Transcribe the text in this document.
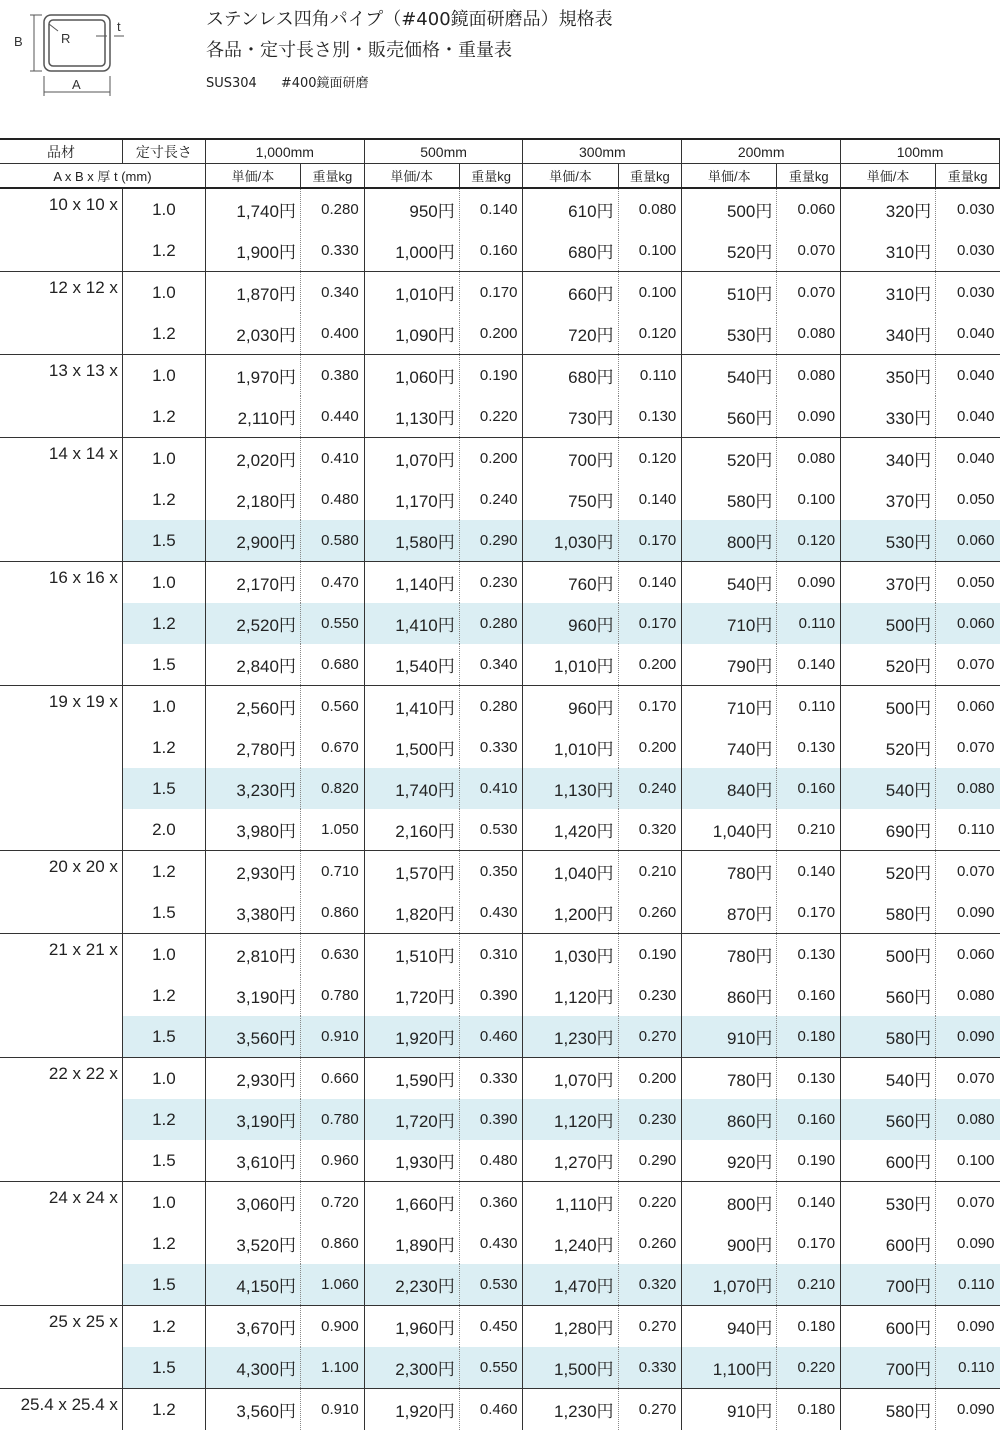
B	R
t
A
ステンレス四角パイプ（#400鏡面研磨品）規格表
各品・定寸長さ別・販売価格・重量表
SUS304 #400鏡面研磨
品材	定寸長さ	1,000mm		500mm		300mm		200mm		100mm	
A x B x 厚 t (mm)		単価/本	重量kg	単価/本	重量kg	単価/本	重量kg	単価/本	重量kg	単価/本	重量kg
10 x 10 x	1.0	1,740円	0.280	950円	0.140	610円	0.080	500円	0.060	320円	0.030
	1.2	1,900円	0.330	1,000円	0.160	680円	0.100	520円	0.070	310円	0.030
12 x 12 x	1.0	1,870円	0.340	1,010円	0.170	660円	0.100	510円	0.070	310円	0.030
	1.2	2,030円	0.400	1,090円	0.200	720円	0.120	530円	0.080	340円	0.040
13 x 13 x	1.0	1,970円	0.380	1,060円	0.190	680円	0.110	540円	0.080	350円	0.040
	1.2	2,110円	0.440	1,130円	0.220	730円	0.130	560円	0.090	330円	0.040
14 x 14 x	1.0	2,020円	0.410	1,070円	0.200	700円	0.120	520円	0.080	340円	0.040
	1.2	2,180円	0.480	1,170円	0.240	750円	0.140	580円	0.100	370円	0.050
	1.5	2,900円	0.580	1,580円	0.290	1,030円	0.170	800円	0.120	530円	0.060
16 x 16 x	1.0	2,170円	0.470	1,140円	0.230	760円	0.140	540円	0.090	370円	0.050
	1.2	2,520円	0.550	1,410円	0.280	960円	0.170	710円	0.110	500円	0.060
	1.5	2,840円	0.680	1,540円	0.340	1,010円	0.200	790円	0.140	520円	0.070
19 x 19 x	1.0	2,560円	0.560	1,410円	0.280	960円	0.170	710円	0.110	500円	0.060
	1.2	2,780円	0.670	1,500円	0.330	1,010円	0.200	740円	0.130	520円	0.070
	1.5	3,230円	0.820	1,740円	0.410	1,130円	0.240	840円	0.160	540円	0.080
	2.0	3,980円	1.050	2,160円	0.530	1,420円	0.320	1,040円	0.210	690円	0.110
20 x 20 x	1.2	2,930円	0.710	1,570円	0.350	1,040円	0.210	780円	0.140	520円	0.070
	1.5	3,380円	0.860	1,820円	0.430	1,200円	0.260	870円	0.170	580円	0.090
21 x 21 x	1.0	2,810円	0.630	1,510円	0.310	1,030円	0.190	780円	0.130	500円	0.060
	1.2	3,190円	0.780	1,720円	0.390	1,120円	0.230	860円	0.160	560円	0.080
	1.5	3,560円	0.910	1,920円	0.460	1,230円	0.270	910円	0.180	580円	0.090
22 x 22 x	1.0	2,930円	0.660	1,590円	0.330	1,070円	0.200	780円	0.130	540円	0.070
	1.2	3,190円	0.780	1,720円	0.390	1,120円	0.230	860円	0.160	560円	0.080
	1.5	3,610円	0.960	1,930円	0.480	1,270円	0.290	920円	0.190	600円	0.100
24 x 24 x	1.0	3,060円	0.720	1,660円	0.360	1,110円	0.220	800円	0.140	530円	0.070
	1.2	3,520円	0.860	1,890円	0.430	1,240円	0.260	900円	0.170	600円	0.090
	1.5	4,150円	1.060	2,230円	0.530	1,470円	0.320	1,070円	0.210	700円	0.110
25 x 25 x	1.2	3,670円	0.900	1,960円	0.450	1,280円	0.270	940円	0.180	600円	0.090
	1.5	4,300円	1.100	2,300円	0.550	1,500円	0.330	1,100円	0.220	700円	0.110
25.4 x 25.4 x	1.2	3,560円	0.910	1,920円	0.460	1,230円	0.270	910円	0.180	580円	0.090
